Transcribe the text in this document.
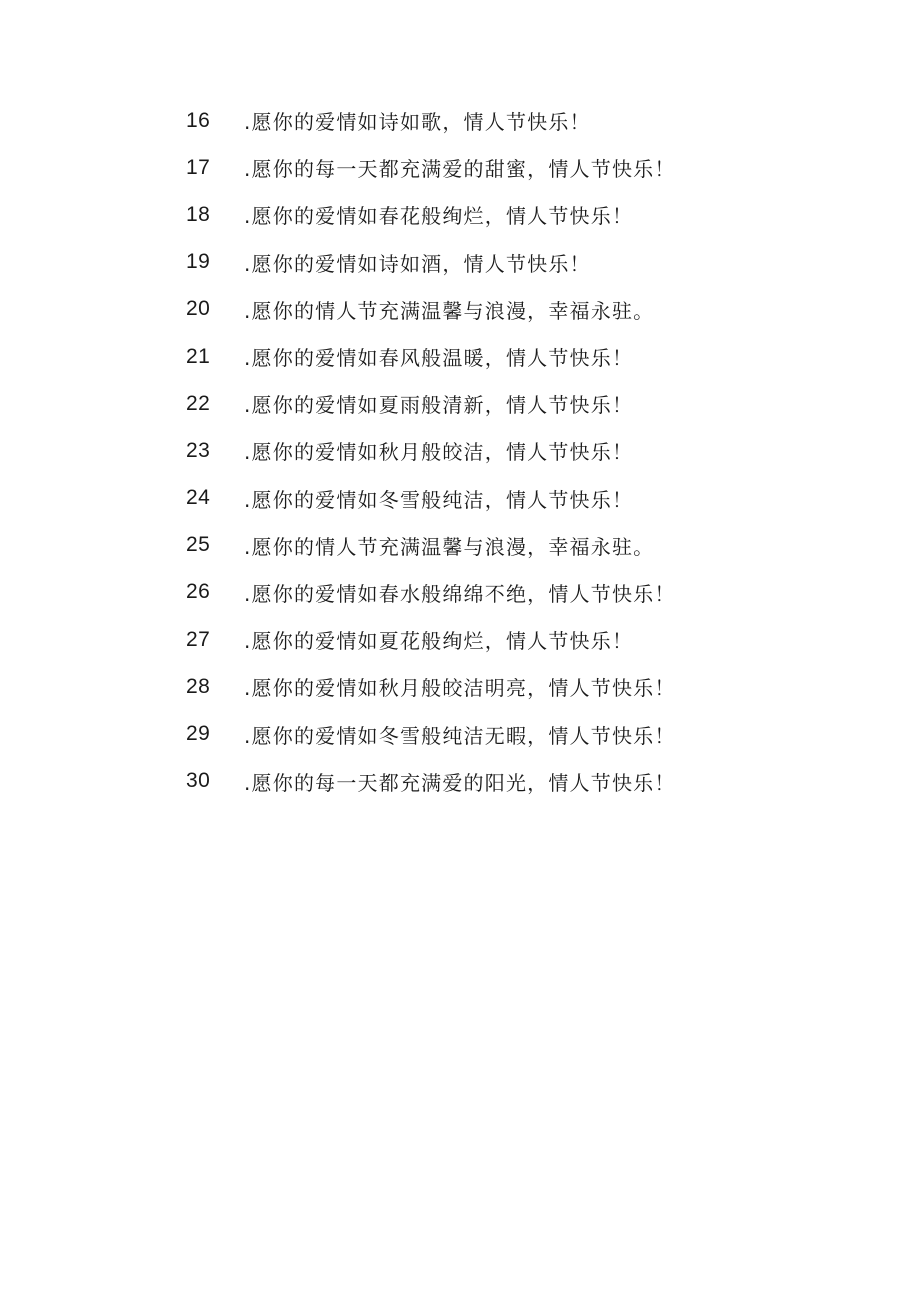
16	.愿你的爱情如诗如歌，情人节快乐！
17	.愿你的每一天都充满爱的甜蜜，情人节快乐！
18	.愿你的爱情如春花般绚烂，情人节快乐！
19	.愿你的爱情如诗如酒，情人节快乐！
20	.愿你的情人节充满温馨与浪漫，幸福永驻。
21	.愿你的爱情如春风般温暖，情人节快乐！
22	.愿你的爱情如夏雨般清新，情人节快乐！
23	.愿你的爱情如秋月般皎洁，情人节快乐！
24	.愿你的爱情如冬雪般纯洁，情人节快乐！
25	.愿你的情人节充满温馨与浪漫，幸福永驻。
26	.愿你的爱情如春水般绵绵不绝，情人节快乐！
27	.愿你的爱情如夏花般绚烂，情人节快乐！
28	.愿你的爱情如秋月般皎洁明亮，情人节快乐！
29	.愿你的爱情如冬雪般纯洁无暇，情人节快乐！
30	.愿你的每一天都充满爱的阳光，情人节快乐！
